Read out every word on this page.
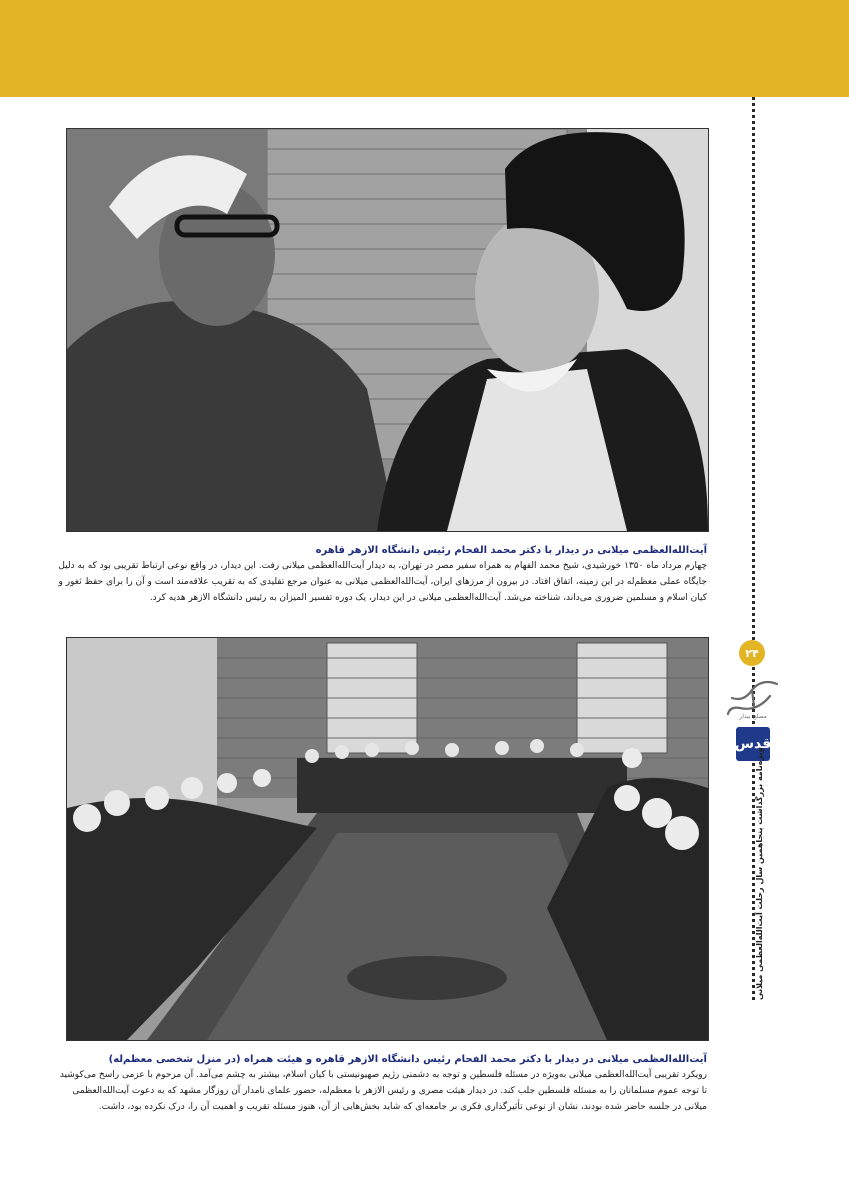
آیت‌الله‌العظمی میلانی در دیدار با دکتر محمد الفحام رئیس دانشگاه الازهر قاهره
چهارم مرداد ماه ۱۳۵۰ خورشیدی، شیخ محمد الفهام به همراه سفیر مصر در تهران، به دیدار آیت‌الله‌العظمی میلانی رفت. این دیدار، در واقع نوعی ارتباط تقریبی بود که به دلیل
جایگاه عملی معظم‌له در این زمینه، اتفاق افتاد. در بیرون از مرزهای ایران، آیت‌الله‌العظمی میلانی به عنوان مرجع تقلیدی که به تقریب علاقه‌مند است و آن را برای حفظ ثغور و
کیان اسلام و مسلمین ضروری می‌داند، شناخته می‌شد. آیت‌الله‌العظمی میلانی در این دیدار، یک دوره تفسیر المیزان به رئیس دانشگاه الازهر هدیه کرد.
آیت‌الله‌العظمی میلانی در دیدار با دکتر محمد الفحام رئیس دانشگاه الازهر قاهره و هیئت همراه (در منزل شخصی معظم‌له)
رویکرد تقریبی آیت‌الله‌العظمی میلانی به‌ویژه در مسئله فلسطین و توجه به دشمنی رژیم صهیونیستی با کیان اسلام، بیشتر به چشم می‌آمد. آن مرحوم با عزمی راسخ می‌کوشید
تا توجه عموم مسلمانان را به مسئله فلسطین جلب کند. در دیدار هیئت مصری و رئیس الازهر با معظم‌له، حضور علمای نامدار آن روزگار مشهد که به دعوت آیت‌الله‌العظمی
میلانی در جلسه حاضر شده بودند، نشان از نوعی تأثیرگذاری فکری بر جامعه‌ای که شاید بخش‌هایی از آن، هنوز مسئله تقریب و اهمیت آن را، درک نکرده بود، داشت.
۲۴
مصلح بیدار
قدس
ویژه‌نامه بزرگداشت پنجاهمین سال رحلت آیت‌الله‌العظمی میلانی
